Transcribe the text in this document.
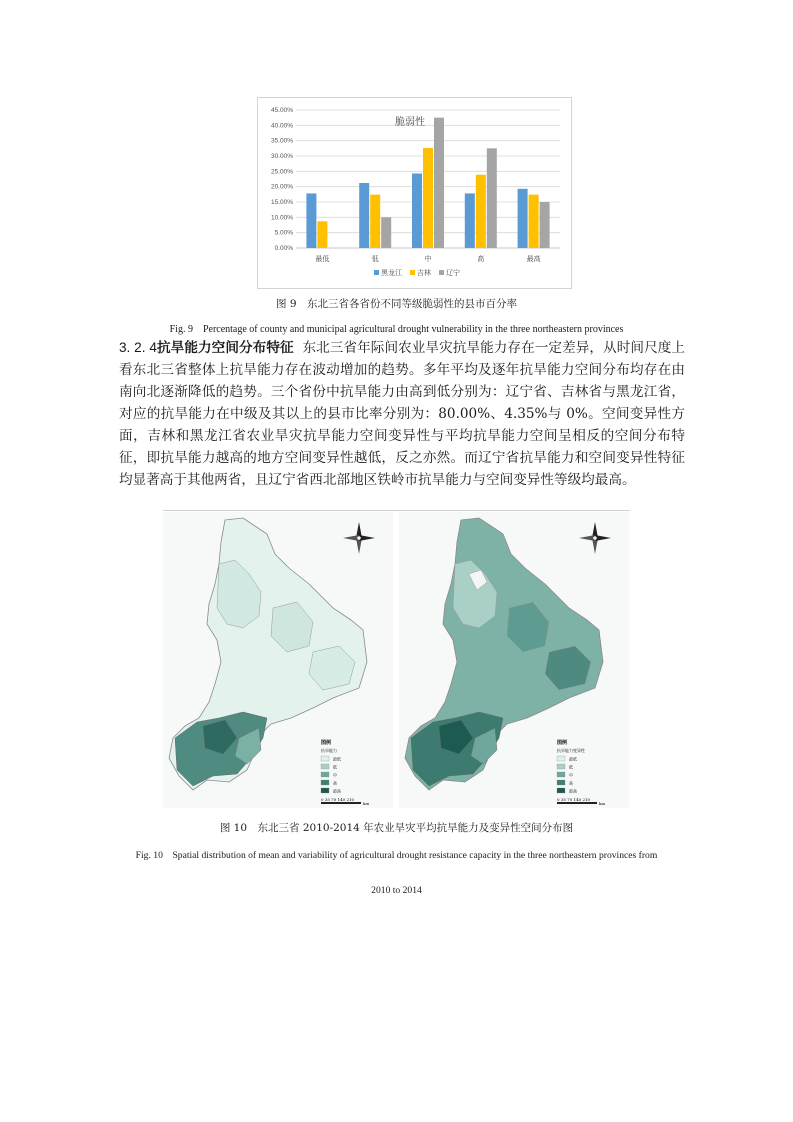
0.00%
5.00%
10.00%
15.00%
20.00%
25.00%
30.00%
35.00%
40.00%
45.00%
最低	低	中	高	最高
脆弱性
黑龙江 吉林 辽宁
图 9　东北三省各省份不同等级脆弱性的县市百分率
Fig. 9　Percentage of county and municipal agricultural drought vulnerability in the three northeastern provinces
3. 2. 4抗旱能力空间分布特征 东北三省年际间农业旱灾抗旱能力存在一定差异，从时间尺度上看东北三省整体上抗旱能力存在波动增加的趋势。多年平均及逐年抗旱能力空间分布均存在由南向北逐渐降低的趋势。三个省份中抗旱能力由高到低分别为：辽宁省、吉林省与黑龙江省，对应的抗旱能力在中级及其以上的县市比率分别为：80.00%、4.35%与 0%。空间变异性方面，吉林和黑龙江省农业旱灾抗旱能力空间变异性与平均抗旱能力空间呈相反的空间分布特征，即抗旱能力越高的地方空间变异性越低，反之亦然。而辽宁省抗旱能力和空间变异性特征均显著高于其他两省，且辽宁省西北部地区铁岭市抗旱能力与空间变异性等级均最高。
图例
抗旱能力
最低
低
中
高
最高
0 35 70 140 210
km
图例
抗旱能力变异性
最低
低
中
高
最高
0 35 70 140 210
km
图 10　东北三省 2010-2014 年农业旱灾平均抗旱能力及变异性空间分布图
Fig. 10　Spatial distribution of mean and variability of agricultural drought resistance capacity in the three northeastern provinces from
2010 to 2014
